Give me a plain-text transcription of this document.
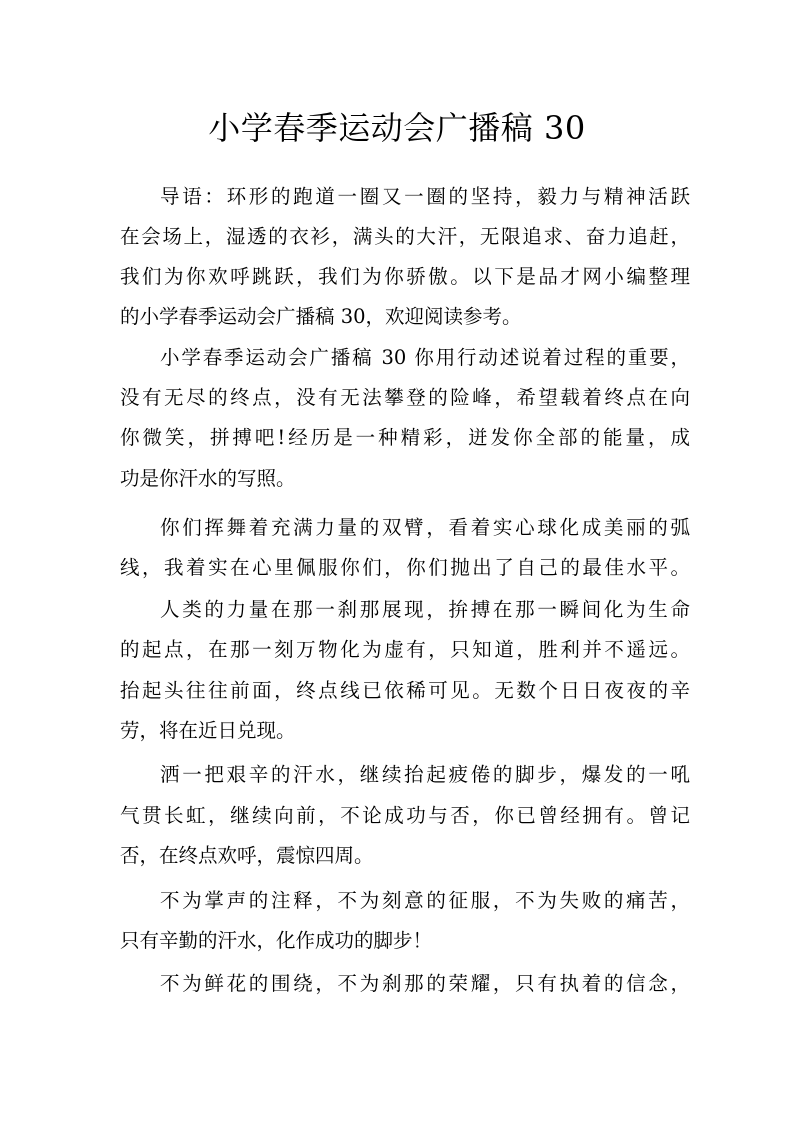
小学春季运动会广播稿 30
导语：环形的跑道一圈又一圈的坚持，毅力与精神活跃
在会场上，湿透的衣衫，满头的大汗，无限追求、奋力追赶，
我们为你欢呼跳跃，我们为你骄傲。以下是品才网小编整理
的小学春季运动会广播稿 30，欢迎阅读参考。
小学春季运动会广播稿 30 你用行动述说着过程的重要，
没有无尽的终点，没有无法攀登的险峰，希望载着终点在向
你微笑，拼搏吧!经历是一种精彩，迸发你全部的能量，成
功是你汗水的写照。
你们挥舞着充满力量的双臂，看着实心球化成美丽的弧
线，我着实在心里佩服你们，你们抛出了自己的最佳水平。
人类的力量在那一刹那展现，拚搏在那一瞬间化为生命
的起点，在那一刻万物化为虚有，只知道，胜利并不遥远。
抬起头往往前面，终点线已依稀可见。无数个日日夜夜的辛
劳，将在近日兑现。
洒一把艰辛的汗水，继续抬起疲倦的脚步，爆发的一吼
气贯长虹，继续向前，不论成功与否，你已曾经拥有。曾记
否，在终点欢呼，震惊四周。
不为掌声的注释，不为刻意的征服，不为失败的痛苦，
只有辛勤的汗水，化作成功的脚步！
不为鲜花的围绕，不为刹那的荣耀，只有执着的信念，
